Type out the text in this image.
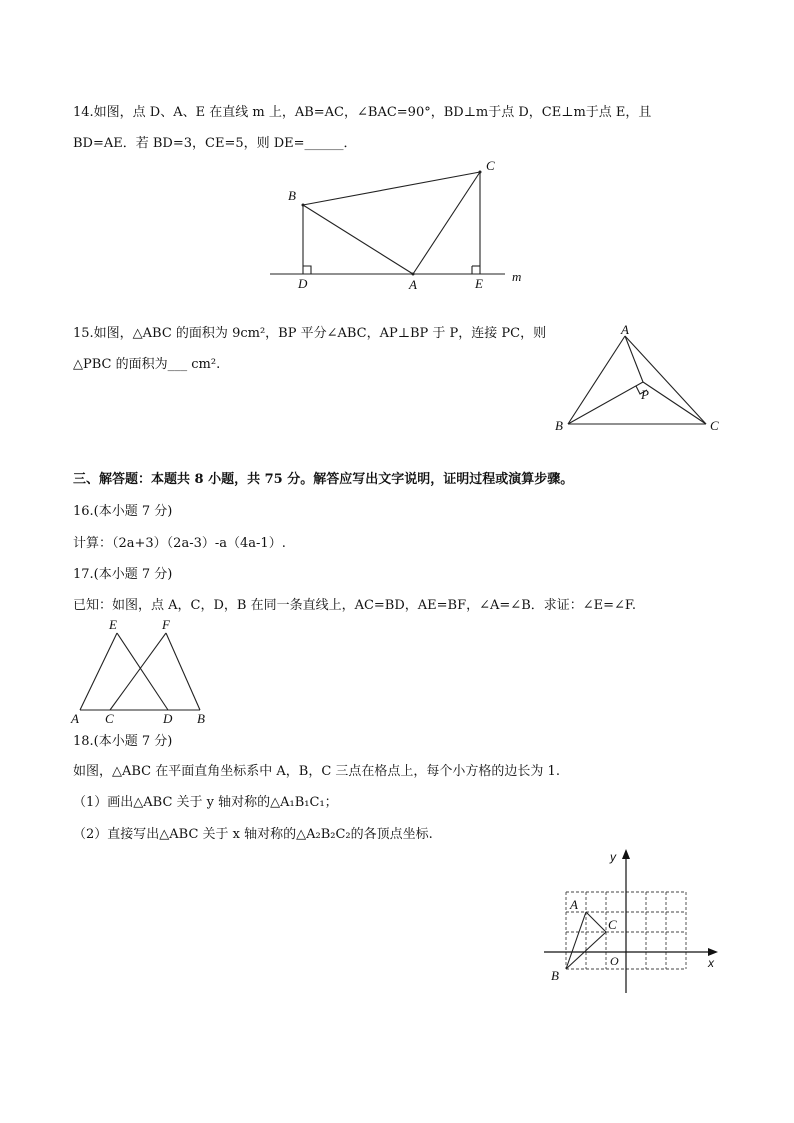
14.如图，点 D、A、E 在直线 m 上，AB=AC，∠BAC=90°，BD⊥m于点 D，CE⊥m于点 E，且
BD=AE．若 BD=3，CE=5，则 DE=______．
B
C
D	A	E m
15.如图，△ABC 的面积为 9cm²，BP 平分∠ABC，AP⊥BP 于 P，连接 PC，则
△PBC 的面积为___ cm².
A
P
B	C
三、解答题：本题共 8 小题，共 75 分。解答应写出文字说明，证明过程或演算步骤。
16.(本小题 7 分)
计算：（2a+3）（2a-3）-a（4a-1）.
17.(本小题 7 分)
已知：如图，点 A，C，D，B 在同一条直线上，AC=BD，AE=BF，∠A=∠B．求证：∠E=∠F.
E	F
A C	D B
18.(本小题 7 分)
如图，△ABC 在平面直角坐标系中 A，B，C 三点在格点上，每个小方格的边长为 1.
（1）画出△ABC 关于 y 轴对称的△A₁B₁C₁；
（2）直接写出△ABC 关于 x 轴对称的△A₂B₂C₂的各顶点坐标.
y
x
O
A
C
B
